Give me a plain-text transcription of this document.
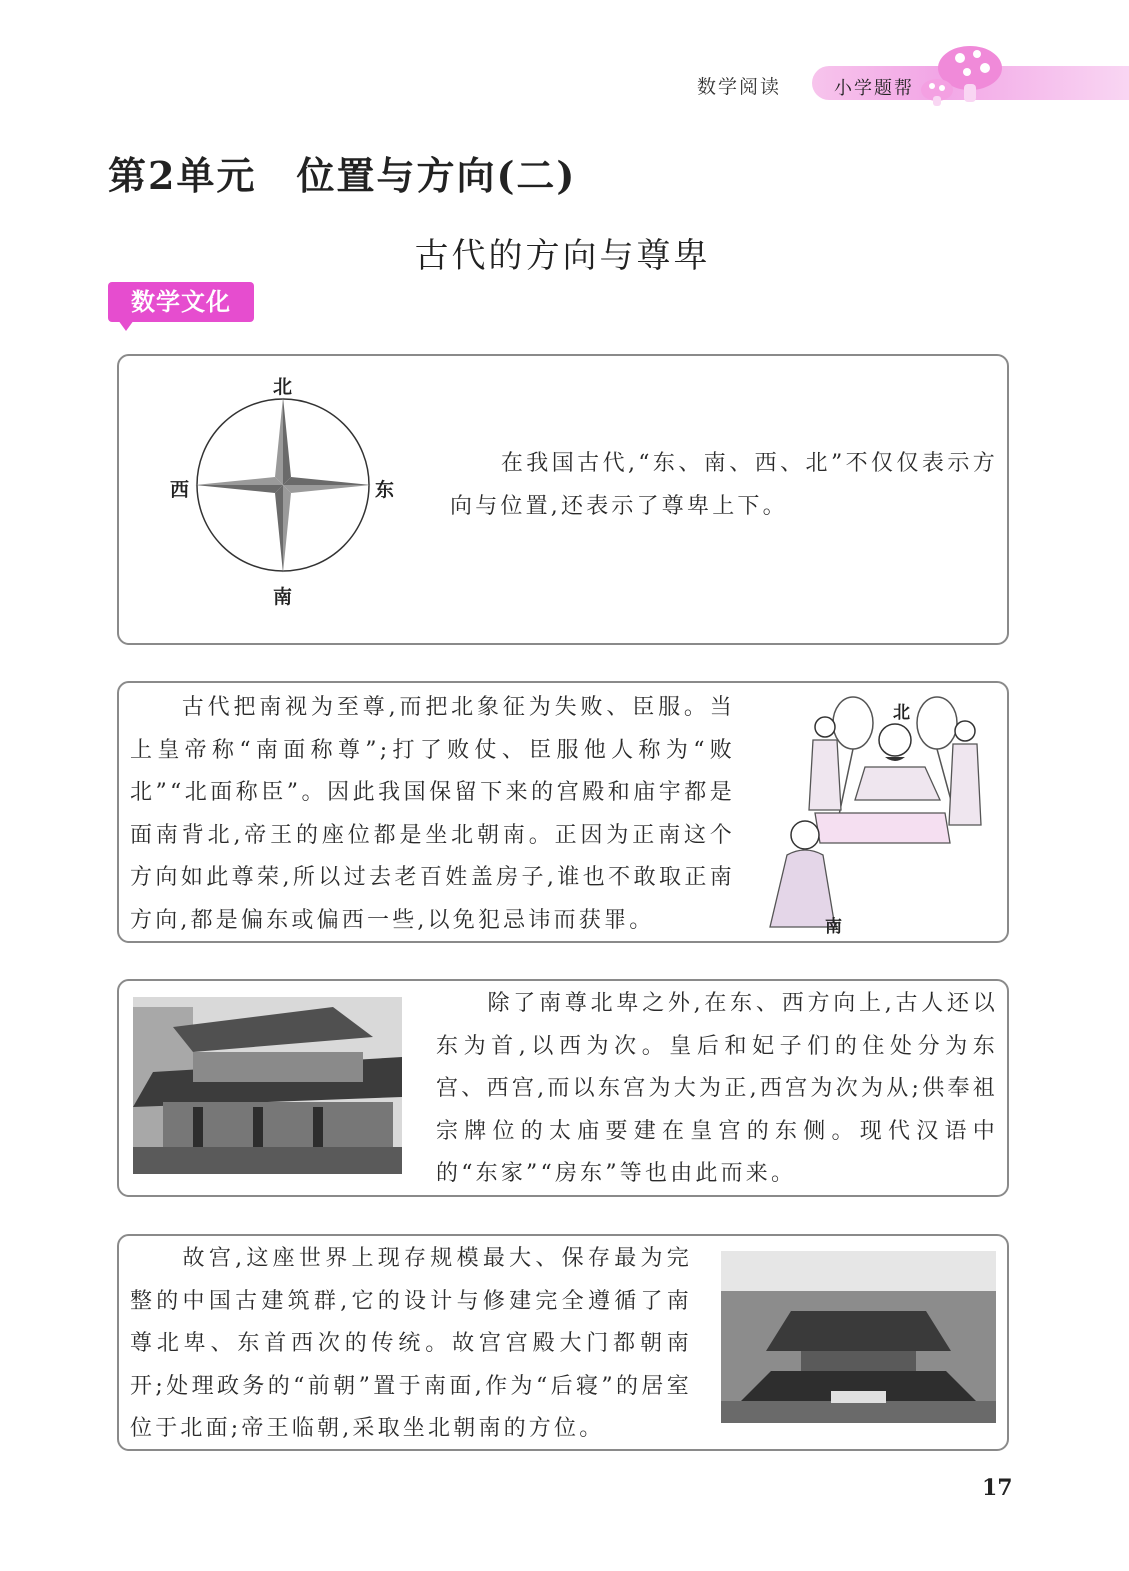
数学阅读	小学题帮
第2单元　位置与方向(二)
古代的方向与尊卑
数学文化
北
南
西	东
　　在我国古代,“东、南、西、北”不仅仅表示方向与位置,还表示了尊卑上下。
　　古代把南视为至尊,而把北象征为失败、臣服。当上皇帝称“南面称尊”;打了败仗、臣服他人称为“败北”“北面称臣”。因此我国保留下来的宫殿和庙宇都是面南背北,帝王的座位都是坐北朝南。正因为正南这个方向如此尊荣,所以过去老百姓盖房子,谁也不敢取正南方向,都是偏东或偏西一些,以免犯忌讳而获罪。
北
南
　　除了南尊北卑之外,在东、西方向上,古人还以东为首,以西为次。皇后和妃子们的住处分为东宫、西宫,而以东宫为大为正,西宫为次为从;供奉祖宗牌位的太庙要建在皇宫的东侧。现代汉语中的“东家”“房东”等也由此而来。
　　故宫,这座世界上现存规模最大、保存最为完整的中国古建筑群,它的设计与修建完全遵循了南尊北卑、东首西次的传统。故宫宫殿大门都朝南开;处理政务的“前朝”置于南面,作为“后寝”的居室位于北面;帝王临朝,采取坐北朝南的方位。
17
